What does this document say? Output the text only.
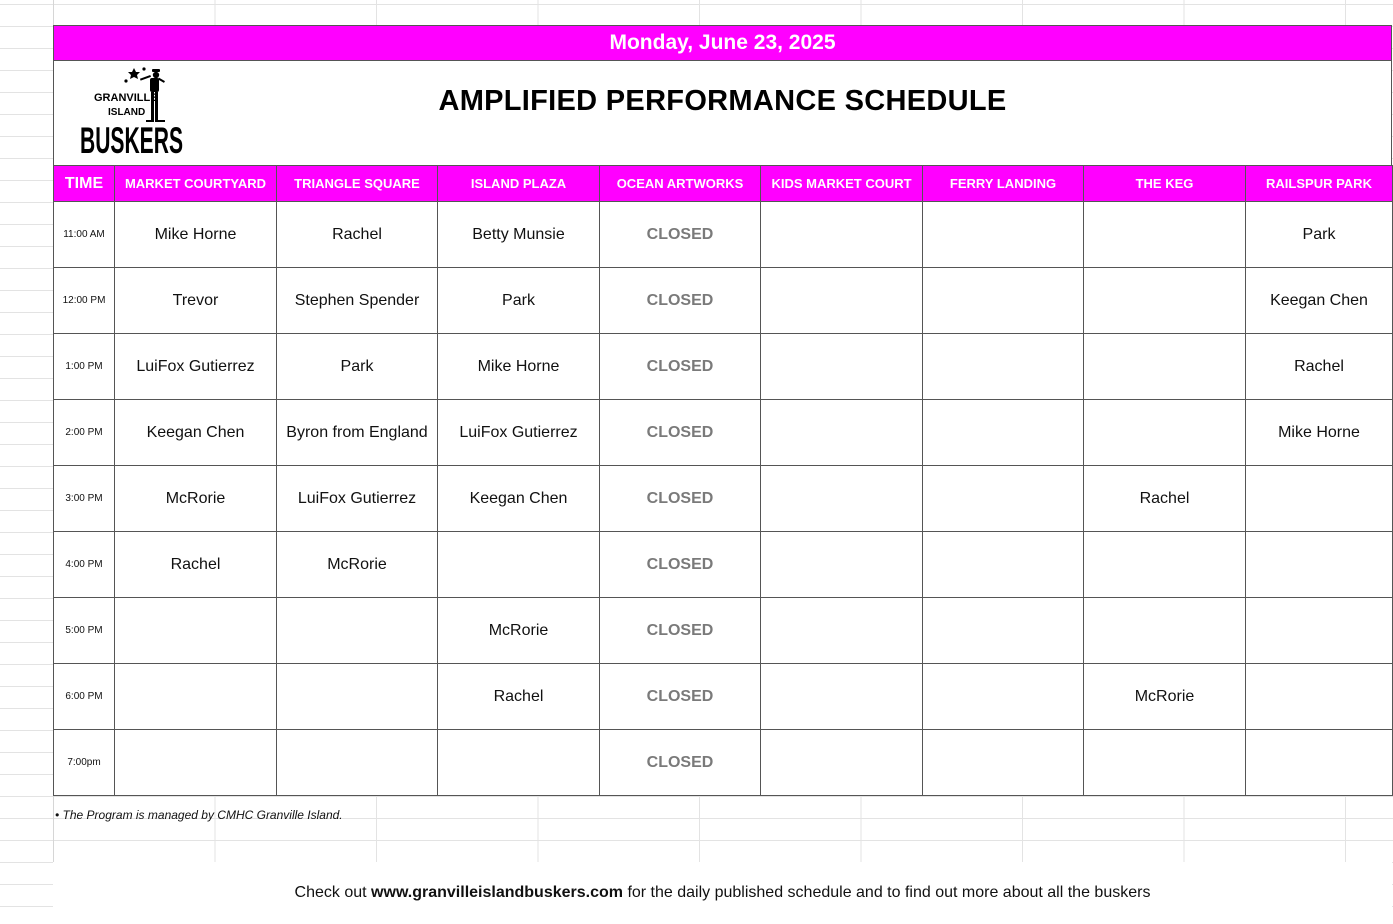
Monday, June 23, 2025
GRANVILLE
ISLAND
BUSKERS
AMPLIFIED PERFORMANCE SCHEDULE
TIME	MARKET COURTYARD	TRIANGLE SQUARE	ISLAND PLAZA	OCEAN ARTWORKS	KIDS MARKET COURT	FERRY LANDING	THE KEG	RAILSPUR PARK
11:00 AM	Mike Horne	Rachel	Betty Munsie	CLOSED				Park
12:00 PM	Trevor	Stephen Spender	Park	CLOSED				Keegan Chen
1:00 PM	LuiFox Gutierrez	Park	Mike Horne	CLOSED				Rachel
2:00 PM	Keegan Chen	Byron from England	LuiFox Gutierrez	CLOSED				Mike Horne
3:00 PM	McRorie	LuiFox Gutierrez	Keegan Chen	CLOSED			Rachel	
4:00 PM	Rachel	McRorie		CLOSED				
5:00 PM			McRorie	CLOSED				
6:00 PM			Rachel	CLOSED			McRorie	
7:00pm				CLOSED				
• The Program is managed by CMHC Granville Island.
Check out
www.granvilleislandbuskers.com
for the daily published schedule and to find out more about all the buskers
